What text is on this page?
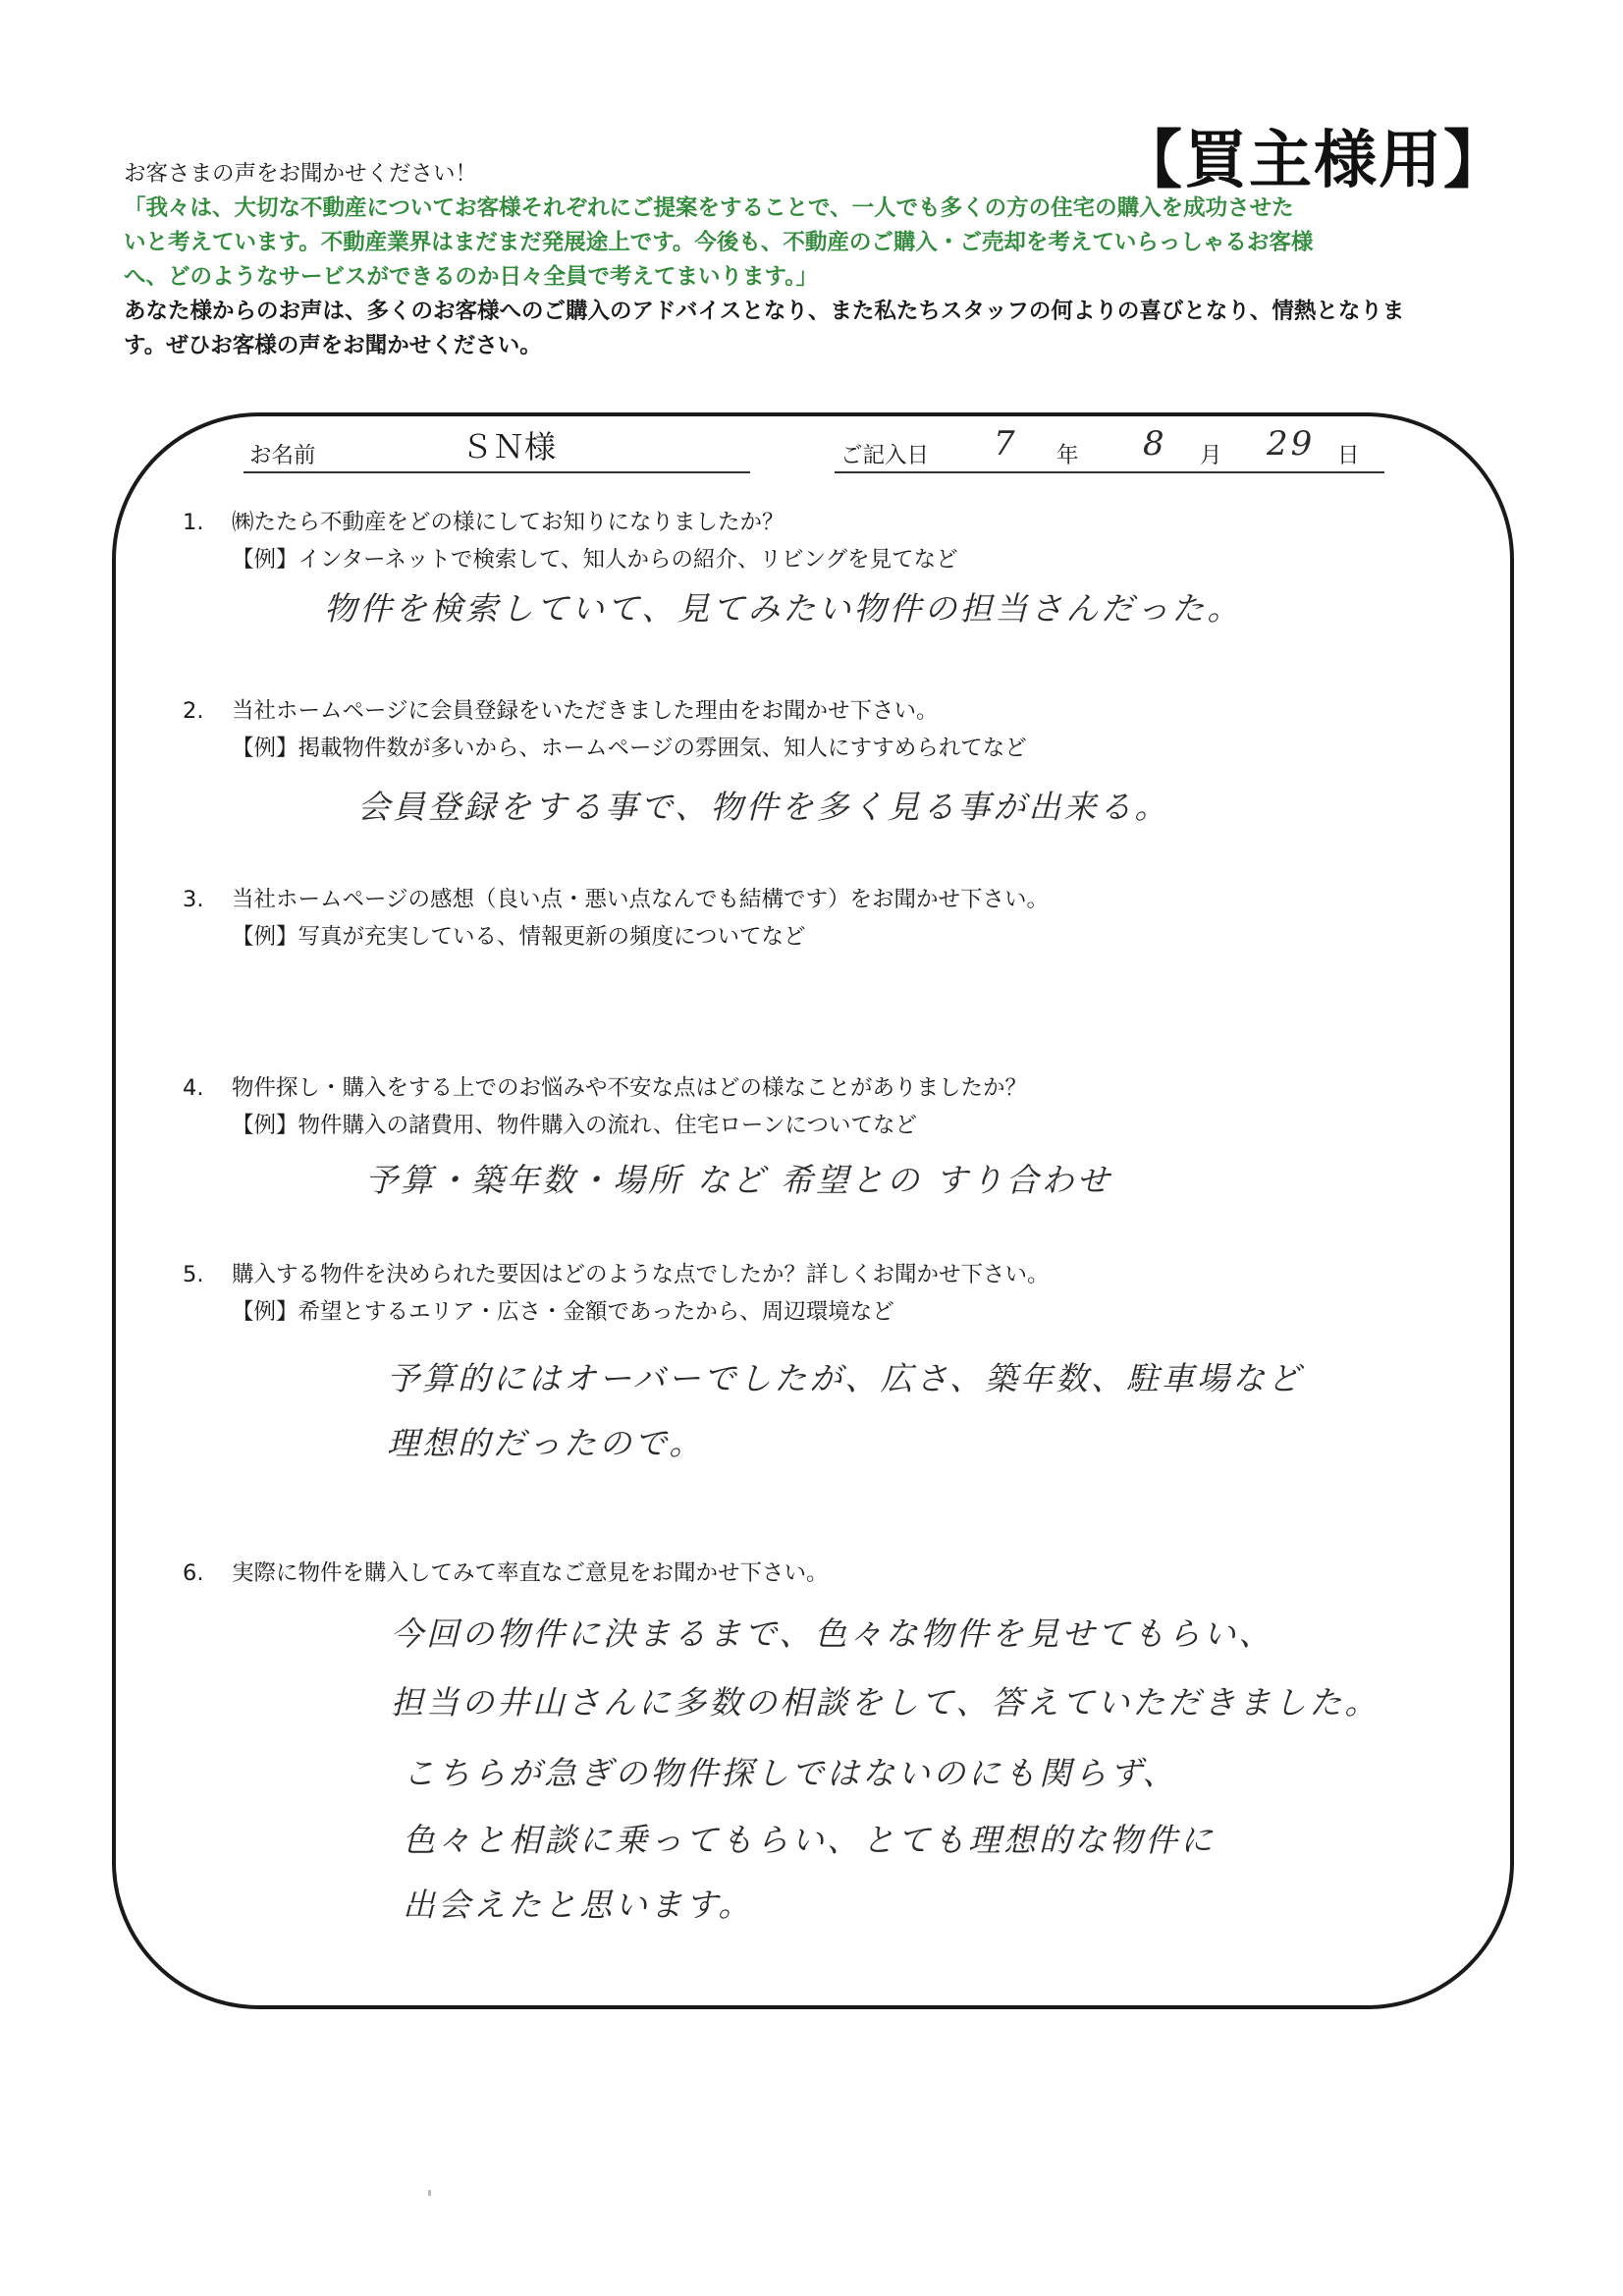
【買主様用】
お客さまの声をお聞かせください！
「我々は、大切な不動産についてお客様それぞれにご提案をすることで、一人でも多くの方の住宅の購入を成功させた
いと考えています。不動産業界はまだまだ発展途上です。今後も、不動産のご購入・ご売却を考えていらっしゃるお客様
へ、どのようなサービスができるのか日々全員で考えてまいります。」
あなた様からのお声は、多くのお客様へのご購入のアドバイスとなり、また私たちスタッフの何よりの喜びとなり、情熱となりま
す。ぜひお客様の声をお聞かせください。
お名前	ＳＮ様	ご記入日 7 年 8 月 29 日
1. ㈱たたら不動産をどの様にしてお知りになりましたか？
【例】インターネットで検索して、知人からの紹介、リビングを見てなど
物件を検索していて、見てみたい物件の担当さんだった。
2. 当社ホームページに会員登録をいただきました理由をお聞かせ下さい。
【例】掲載物件数が多いから、ホームページの雰囲気、知人にすすめられてなど
会員登録をする事で、物件を多く見る事が出来る。
3. 当社ホームページの感想（良い点・悪い点なんでも結構です）をお聞かせ下さい。
【例】写真が充実している、情報更新の頻度についてなど
4. 物件探し・購入をする上でのお悩みや不安な点はどの様なことがありましたか？
【例】物件購入の諸費用、物件購入の流れ、住宅ローンについてなど
予算・築年数・場所 など 希望との すり合わせ
5. 購入する物件を決められた要因はどのような点でしたか？詳しくお聞かせ下さい。
【例】希望とするエリア・広さ・金額であったから、周辺環境など
予算的にはオーバーでしたが、広さ、築年数、駐車場など
理想的だったので。
6. 実際に物件を購入してみて率直なご意見をお聞かせ下さい。
今回の物件に決まるまで、色々な物件を見せてもらい、
担当の井山さんに多数の相談をして、答えていただきました。
こちらが急ぎの物件探しではないのにも関らず、
色々と相談に乗ってもらい、とても理想的な物件に
出会えたと思います。
